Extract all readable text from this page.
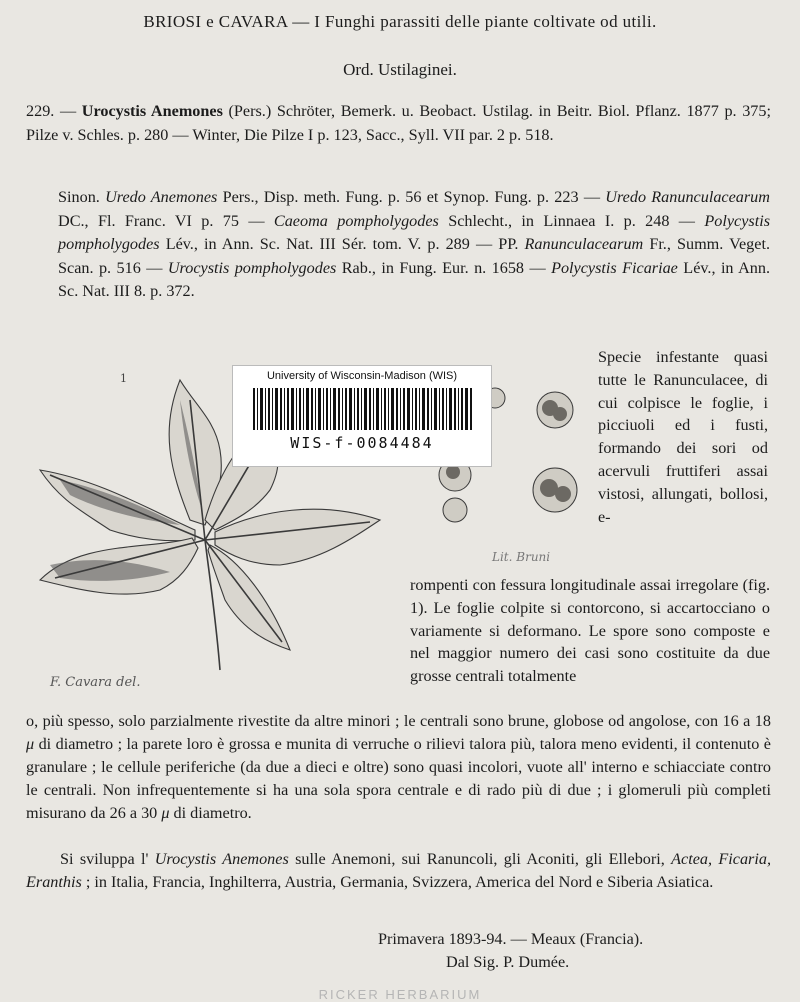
BRIOSI e CAVARA — I Funghi parassiti delle piante coltivate od utili.
Ord. Ustilaginei.
229. — Urocystis Anemones (Pers.) Schröter, Bemerk. u. Beobact. Ustilag. in Beitr. Biol. Pflanz. 1877 p. 375; Pilze v. Schles. p. 280 — Winter, Die Pilze I p. 123, Sacc., Syll. VII par. 2 p. 518.
Sinon. Uredo Anemones Pers., Disp. meth. Fung. p. 56 et Synop. Fung. p. 223 — Uredo Ranunculacearum DC., Fl. Franc. VI p. 75 — Caeoma pompholygodes Schlecht., in Linnaea I. p. 248 — Polycystis pompholygodes Lév., in Ann. Sc. Nat. III Sér. tom. V. p. 289 — PP. Ranunculacearum Fr., Summ. Veget. Scan. p. 516 — Urocystis pompholygodes Rab., in Fung. Eur. n. 1658 — Polycystis Ficariae Lév., in Ann. Sc. Nat. III 8. p. 372.
1	University of Wisconsin-Madison (WIS)
WIS-f-0084484
F. Cavara del.
Lit. Bruni
Specie infestante quasi tutte le Ranunculacee, di cui colpisce le foglie, i picciuoli ed i fusti, formando dei sori od acervuli fruttiferi assai vistosi, allungati, bollosi, e-
rompenti con fessura longitudinale assai irregolare (fig. 1). Le foglie colpite si contorcono, si accartocciano o variamente si deformano. Le spore sono composte e nel maggior numero dei casi sono costituite da due grosse centrali totalmente
o, più spesso, solo parzialmente rivestite da altre minori ; le centrali sono brune, globose od angolose, con 16 a 18 μ di diametro ; la parete loro è grossa e munita di verruche o rilievi talora più, talora meno evidenti, il contenuto è granulare ; le cellule periferiche (da due a dieci e oltre) sono quasi incolori, vuote all' interno e schiacciate contro le centrali. Non infrequentemente si ha una sola spora centrale e di rado più di due ; i glomeruli più completi misurano da 26 a 30 μ di diametro.
Si sviluppa l' Urocystis Anemones sulle Anemoni, sui Ranuncoli, gli Aconiti, gli Ellebori, Actea, Ficaria, Eranthis ; in Italia, Francia, Inghilterra, Austria, Germania, Svizzera, America del Nord e Siberia Asiatica.
Primavera 1893-94. — Meaux (Francia).
Dal Sig. P. Dumée.
RICKER HERBARIUM
